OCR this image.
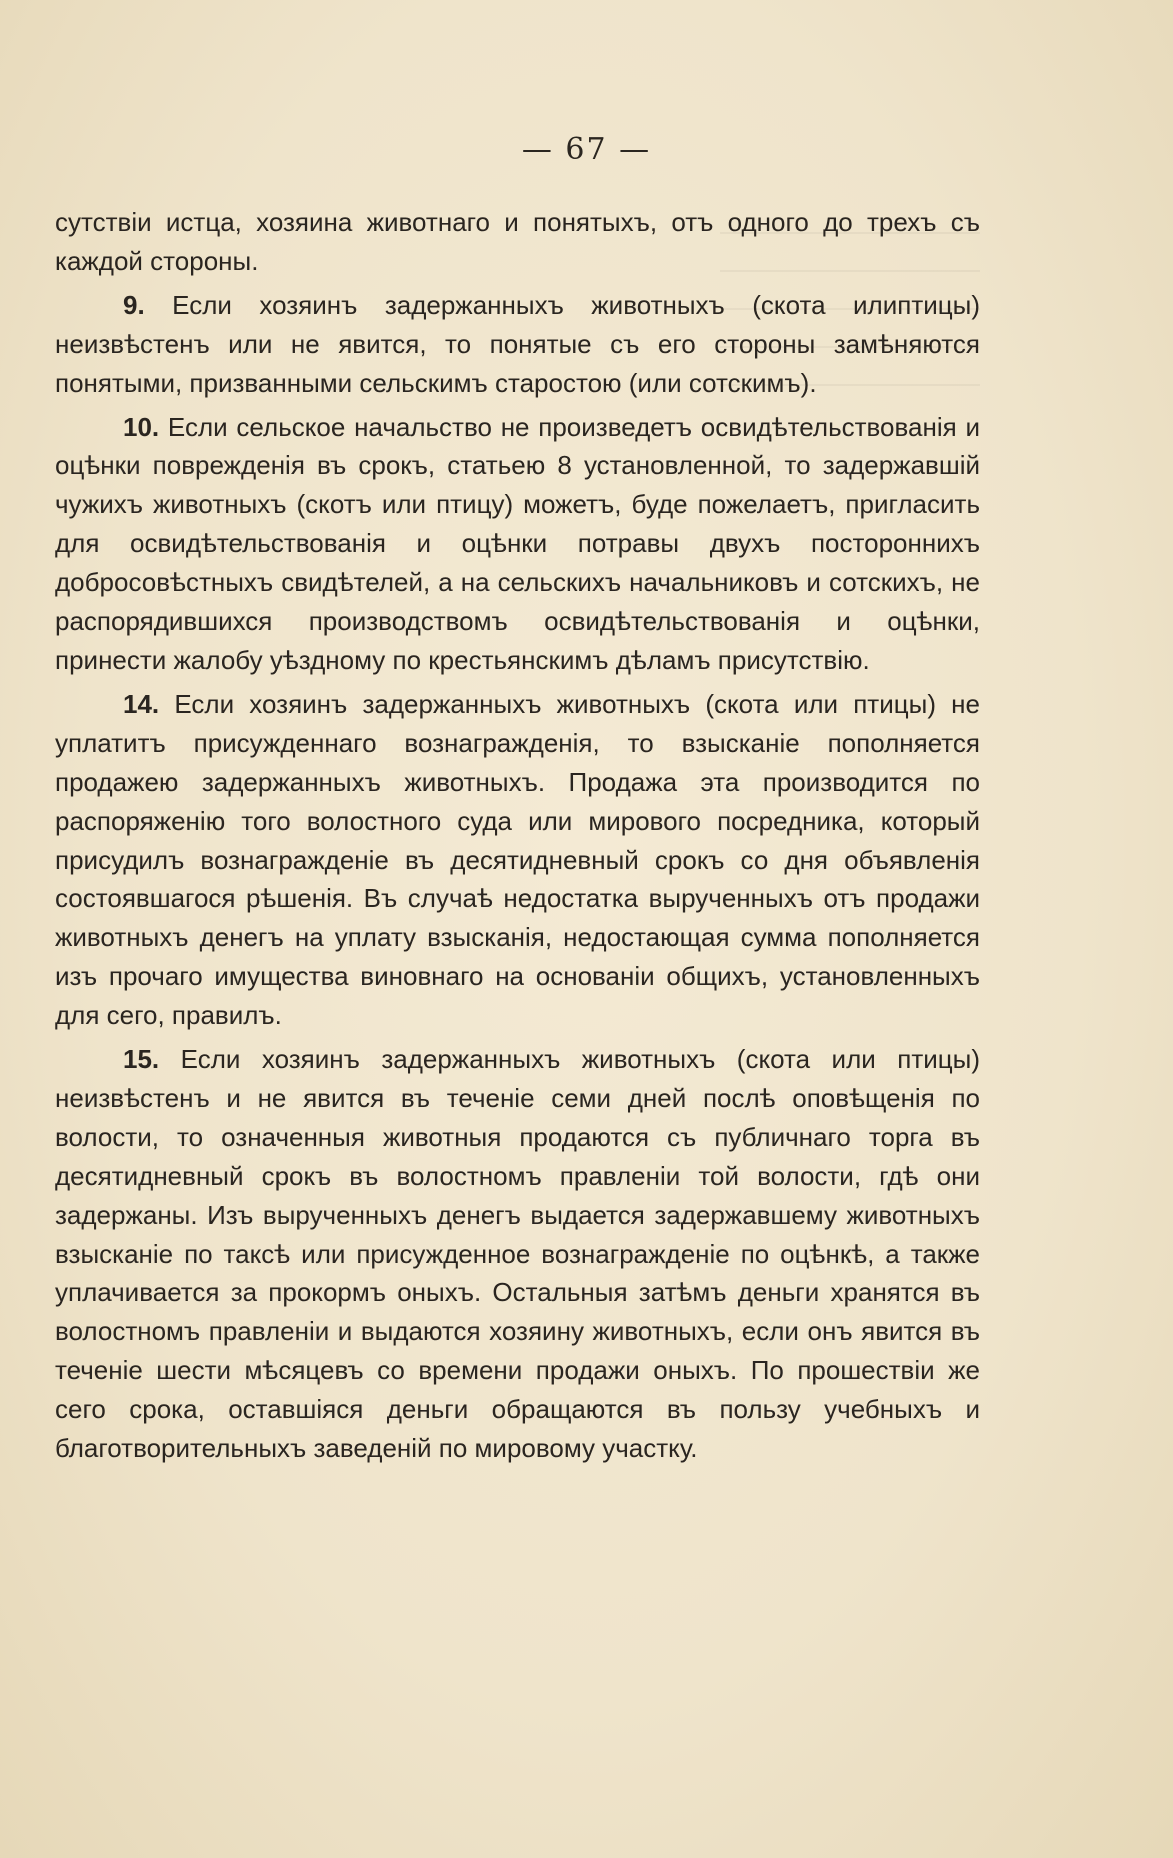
— 67 —

сутствіи истца, хозяина животнаго и понятыхъ, отъ одного до трехъ съ каждой стороны.

9. Если хозяинъ задержанныхъ животныхъ (скота илиптицы) неизвѣстенъ или не явится, то понятые съ его стороны замѣняются понятыми, призванными сельскимъ старостою (или сотскимъ).

10. Если сельское начальство не произведетъ освидѣтельствованія и оцѣнки поврежденія въ срокъ, статьею 8 установленной, то задержавшій чужихъ животныхъ (скотъ или птицу) можетъ, буде пожелаетъ, пригласить для освидѣтельствованія и оцѣнки потравы двухъ постороннихъ добросовѣстныхъ свидѣтелей, а на сельскихъ начальниковъ и сотскихъ, не распорядившихся производствомъ освидѣтельствованія и оцѣнки, принести жалобу уѣздному по крестьянскимъ дѣламъ присутствію.

14. Если хозяинъ задержанныхъ животныхъ (скота или птицы) не уплатитъ присужденнаго вознагражденія, то взысканіе пополняется продажею задержанныхъ животныхъ. Продажа эта производится по распоряженію того волостного суда или мирового посредника, который присудилъ вознагражденіе въ десятидневный срокъ со дня объявленія состоявшагося рѣшенія. Въ случаѣ недостатка вырученныхъ отъ продажи животныхъ денегъ на уплату взысканія, недостающая сумма пополняется изъ прочаго имущества виновнаго на основаніи общихъ, установленныхъ для сего, правилъ.

15. Если хозяинъ задержанныхъ животныхъ (скота или птицы) неизвѣстенъ и не явится въ теченіе семи дней послѣ оповѣщенія по волости, то означенныя животныя продаются съ публичнаго торга въ десятидневный срокъ въ волостномъ правленіи той волости, гдѣ они задержаны. Изъ вырученныхъ денегъ выдается задержавшему животныхъ взысканіе по таксѣ или присужденное вознагражденіе по оцѣнкѣ, а также уплачивается за прокормъ оныхъ. Остальныя затѣмъ деньги хранятся въ волостномъ правленіи и выдаются хозяину животныхъ, если онъ явится въ теченіе шести мѣсяцевъ со времени продажи оныхъ. По прошествіи же сего срока, оставшіяся деньги обращаются въ пользу учебныхъ и благотворительныхъ заведеній по мировому участку.
